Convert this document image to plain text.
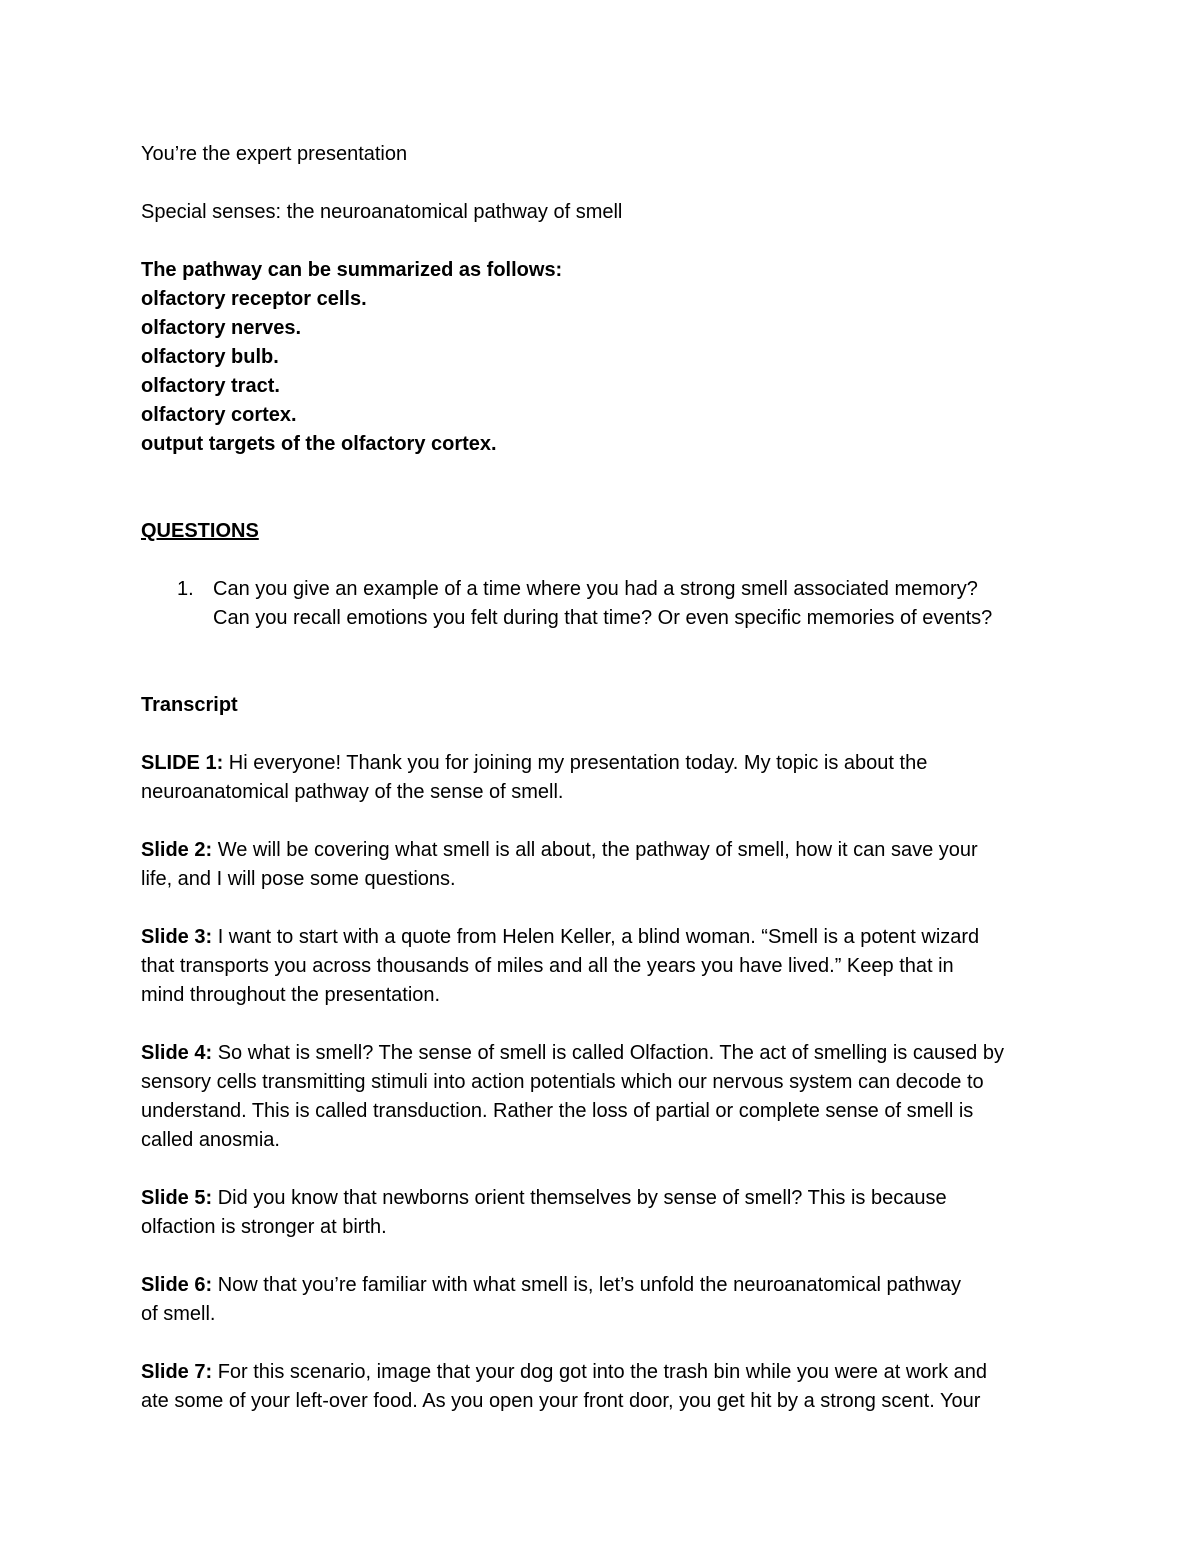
You’re the expert presentation

Special senses: the neuroanatomical pathway of smell

The pathway can be summarized as follows:

olfactory receptor cells.

olfactory nerves.

olfactory bulb.

olfactory tract.

olfactory cortex.

output targets of the olfactory cortex.

QUESTIONS

1. Can you give an example of a time where you had a strong smell associated memory?
Can you recall emotions you felt during that time? Or even specific memories of events?

Transcript

SLIDE 1: Hi everyone! Thank you for joining my presentation today. My topic is about the
neuroanatomical pathway of the sense of smell.
Slide 2: We will be covering what smell is all about, the pathway of smell, how it can save your
life, and I will pose some questions.
Slide 3: I want to start with a quote from Helen Keller, a blind woman. “Smell is a potent wizard
that transports you across thousands of miles and all the years you have lived.” Keep that in
mind throughout the presentation.
Slide 4: So what is smell? The sense of smell is called Olfaction. The act of smelling is caused by
sensory cells transmitting stimuli into action potentials which our nervous system can decode to
understand. This is called transduction. Rather the loss of partial or complete sense of smell is
called anosmia.
Slide 5: Did you know that newborns orient themselves by sense of smell? This is because
olfaction is stronger at birth.
Slide 6: Now that you’re familiar with what smell is, let’s unfold the neuroanatomical pathway
of smell.
Slide 7: For this scenario, image that your dog got into the trash bin while you were at work and
ate some of your left-over food. As you open your front door, you get hit by a strong scent. Your
